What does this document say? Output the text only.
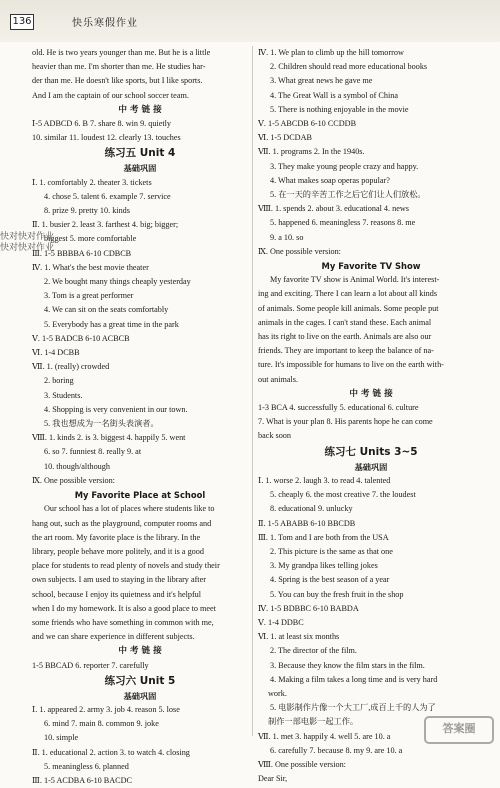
136	快乐寒假作业
old. He is two years younger than me. But he is a little
heavier than me. I'm shorter than me. He studies har-
der than me. He doesn't like sports, but I like sports.
And I am the captain of our school soccer team.
中 考 链 接
Ⅰ-5 ADBCD 6. B 7. share 8. win 9. quietly
10. similar 11. loudest 12. clearly 13. touches
练习五 Unit 4
基础巩固
Ⅰ. 1. comfortably 2. theater 3. tickets
4. chose 5. talent 6. example 7. service
8. prize 9. pretty 10. kinds
Ⅱ. 1. busier 2. least 3. farthest 4. big; bigger;
biggest 5. more comfortable
Ⅲ. 1-5 BBBBA 6-10 CDBCB
Ⅳ. 1. What's the best movie theater
2. We bought many things cheaply yesterday
3. Tom is a great performer
4. We can sit on the seats comfortably
5. Everybody has a great time in the park
Ⅴ. 1-5 BADCB 6-10 ACBCB
Ⅵ. 1-4 DCBB
Ⅶ. 1. (really) crowded
2. boring
3. Students.
4. Shopping is very convenient in our town.
5. 我也想成为一名街头表演者。
Ⅷ. 1. kinds 2. is 3. biggest 4. happily 5. went
6. so 7. funniest 8. really 9. at
10. though/although
Ⅸ. One possible version:
My Favorite Place at School
Our school has a lot of places where students like to
hang out, such as the playground, computer rooms and
the art room. My favorite place is the library. In the
library, people behave more politely, and it is a good
place for students to read plenty of novels and study their
own subjects. I am used to staying in the library after
school, because I enjoy its quietness and it's helpful
when I do my homework. It is also a good place to meet
some friends who have something in common with me,
and we can share experience in different subjects.
中 考 链 接
1-5 BBCAD 6. reporter 7. carefully
练习六 Unit 5
基础巩固
Ⅰ. 1. appeared 2. army 3. job 4. reason 5. lose
6. mind 7. main 8. common 9. joke
10. simple
Ⅱ. 1. educational 2. action 3. to watch 4. closing
5. meaningless 6. planned
Ⅲ. 1-5 ACDBA 6-10 BACDC
Ⅳ. 1. We plan to climb up the hill tomorrow
2. Children should read more educational books
3. What great news he gave me
4. The Great Wall is a symbol of China
5. There is nothing enjoyable in the movie
Ⅴ. 1-5 ABCDB 6-10 CCDDB
Ⅵ. 1-5 DCDAB
Ⅶ. 1. programs 2. In the 1940s.
3. They make young people crazy and happy.
4. What makes soap operas popular?
5. 在一天的辛苦工作之后它们让人们放松。
Ⅷ. 1. spends 2. about 3. educational 4. news
5. happened 6. meaningless 7. reasons 8. me
9. a 10. so
Ⅸ. One possible version:
My Favorite TV Show
My favorite TV show is Animal World. It's interest-
ing and exciting. There I can learn a lot about all kinds
of animals. Some people kill animals. Some people put
animals in the cages. I can't stand these. Each animal
has its right to live on the earth. Animals are also our
friends. They are important to keep the balance of na-
ture. It's impossible for humans to live on the earth with-
out animals.
中 考 链 接
1-3 BCA 4. successfully 5. educational 6. culture
7. What is your plan 8. His parents hope he can come
back soon
练习七 Units 3~5
基础巩固
Ⅰ. 1. worse 2. laugh 3. to read 4. talented
5. cheaply 6. the most creative 7. the loudest
8. educational 9. unlucky
Ⅱ. 1-5 ABABB 6-10 BBCDB
Ⅲ. 1. Tom and I are both from the USA
2. This picture is the same as that one
3. My grandpa likes telling jokes
4. Spring is the best season of a year
5. You can buy the fresh fruit in the shop
Ⅳ. 1-5 BDBBC 6-10 BABDA
Ⅴ. 1-4 DDBC
Ⅵ. 1. at least six months
2. The director of the film.
3. Because they know the film stars in the film.
4. Making a film takes a long time and is very hard
work.
5. 电影制作片像一个大工厂,成百上千的人为了
制作一部电影一起工作。
Ⅶ. 1. met 3. happily 4. well 5. are 10. a
6. carefully 7. because 8. my 9. are 10. a
Ⅷ. One possible version:
Dear Sir,
快对快对作业
快对快对作业
答案圈
